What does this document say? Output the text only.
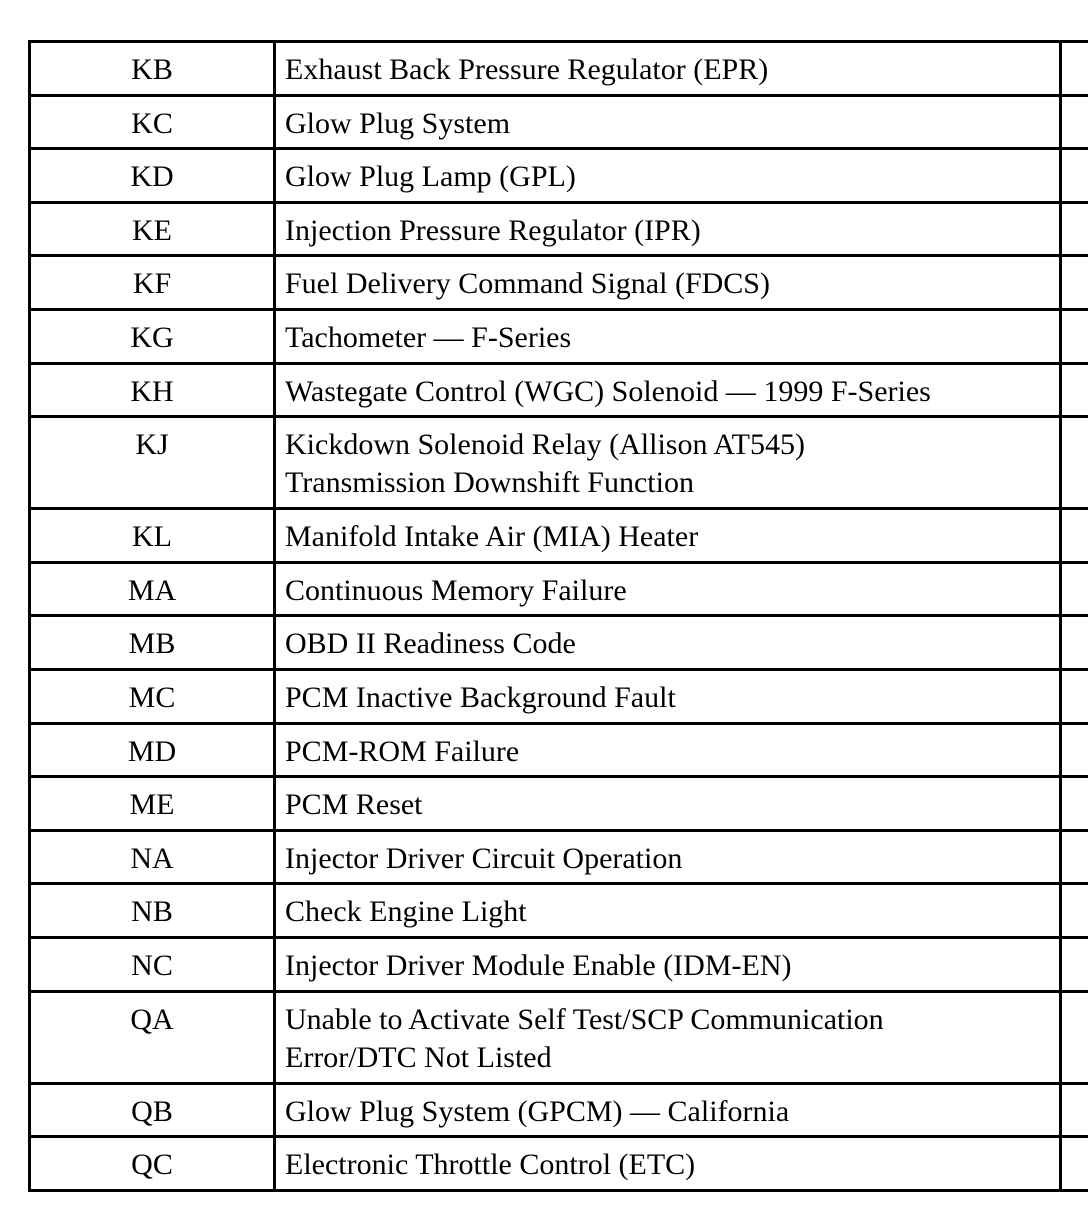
KB	Exhaust Back Pressure Regulator (EPR)
KC	Glow Plug System
KD	Glow Plug Lamp (GPL)
KE	Injection Pressure Regulator (IPR)
KF	Fuel Delivery Command Signal (FDCS)
KG	Tachometer — F-Series
KH	Wastegate Control (WGC) Solenoid — 1999 F-Series
KJ	Kickdown Solenoid Relay (Allison AT545)
Transmission Downshift Function
KL	Manifold Intake Air (MIA) Heater
MA	Continuous Memory Failure
MB	OBD II Readiness Code
MC	PCM Inactive Background Fault
MD	PCM-ROM Failure
ME	PCM Reset
NA	Injector Driver Circuit Operation
NB	Check Engine Light
NC	Injector Driver Module Enable (IDM-EN)
QA	Unable to Activate Self Test/SCP Communication
Error/DTC Not Listed
QB	Glow Plug System (GPCM) — California
QC	Electronic Throttle Control (ETC)
